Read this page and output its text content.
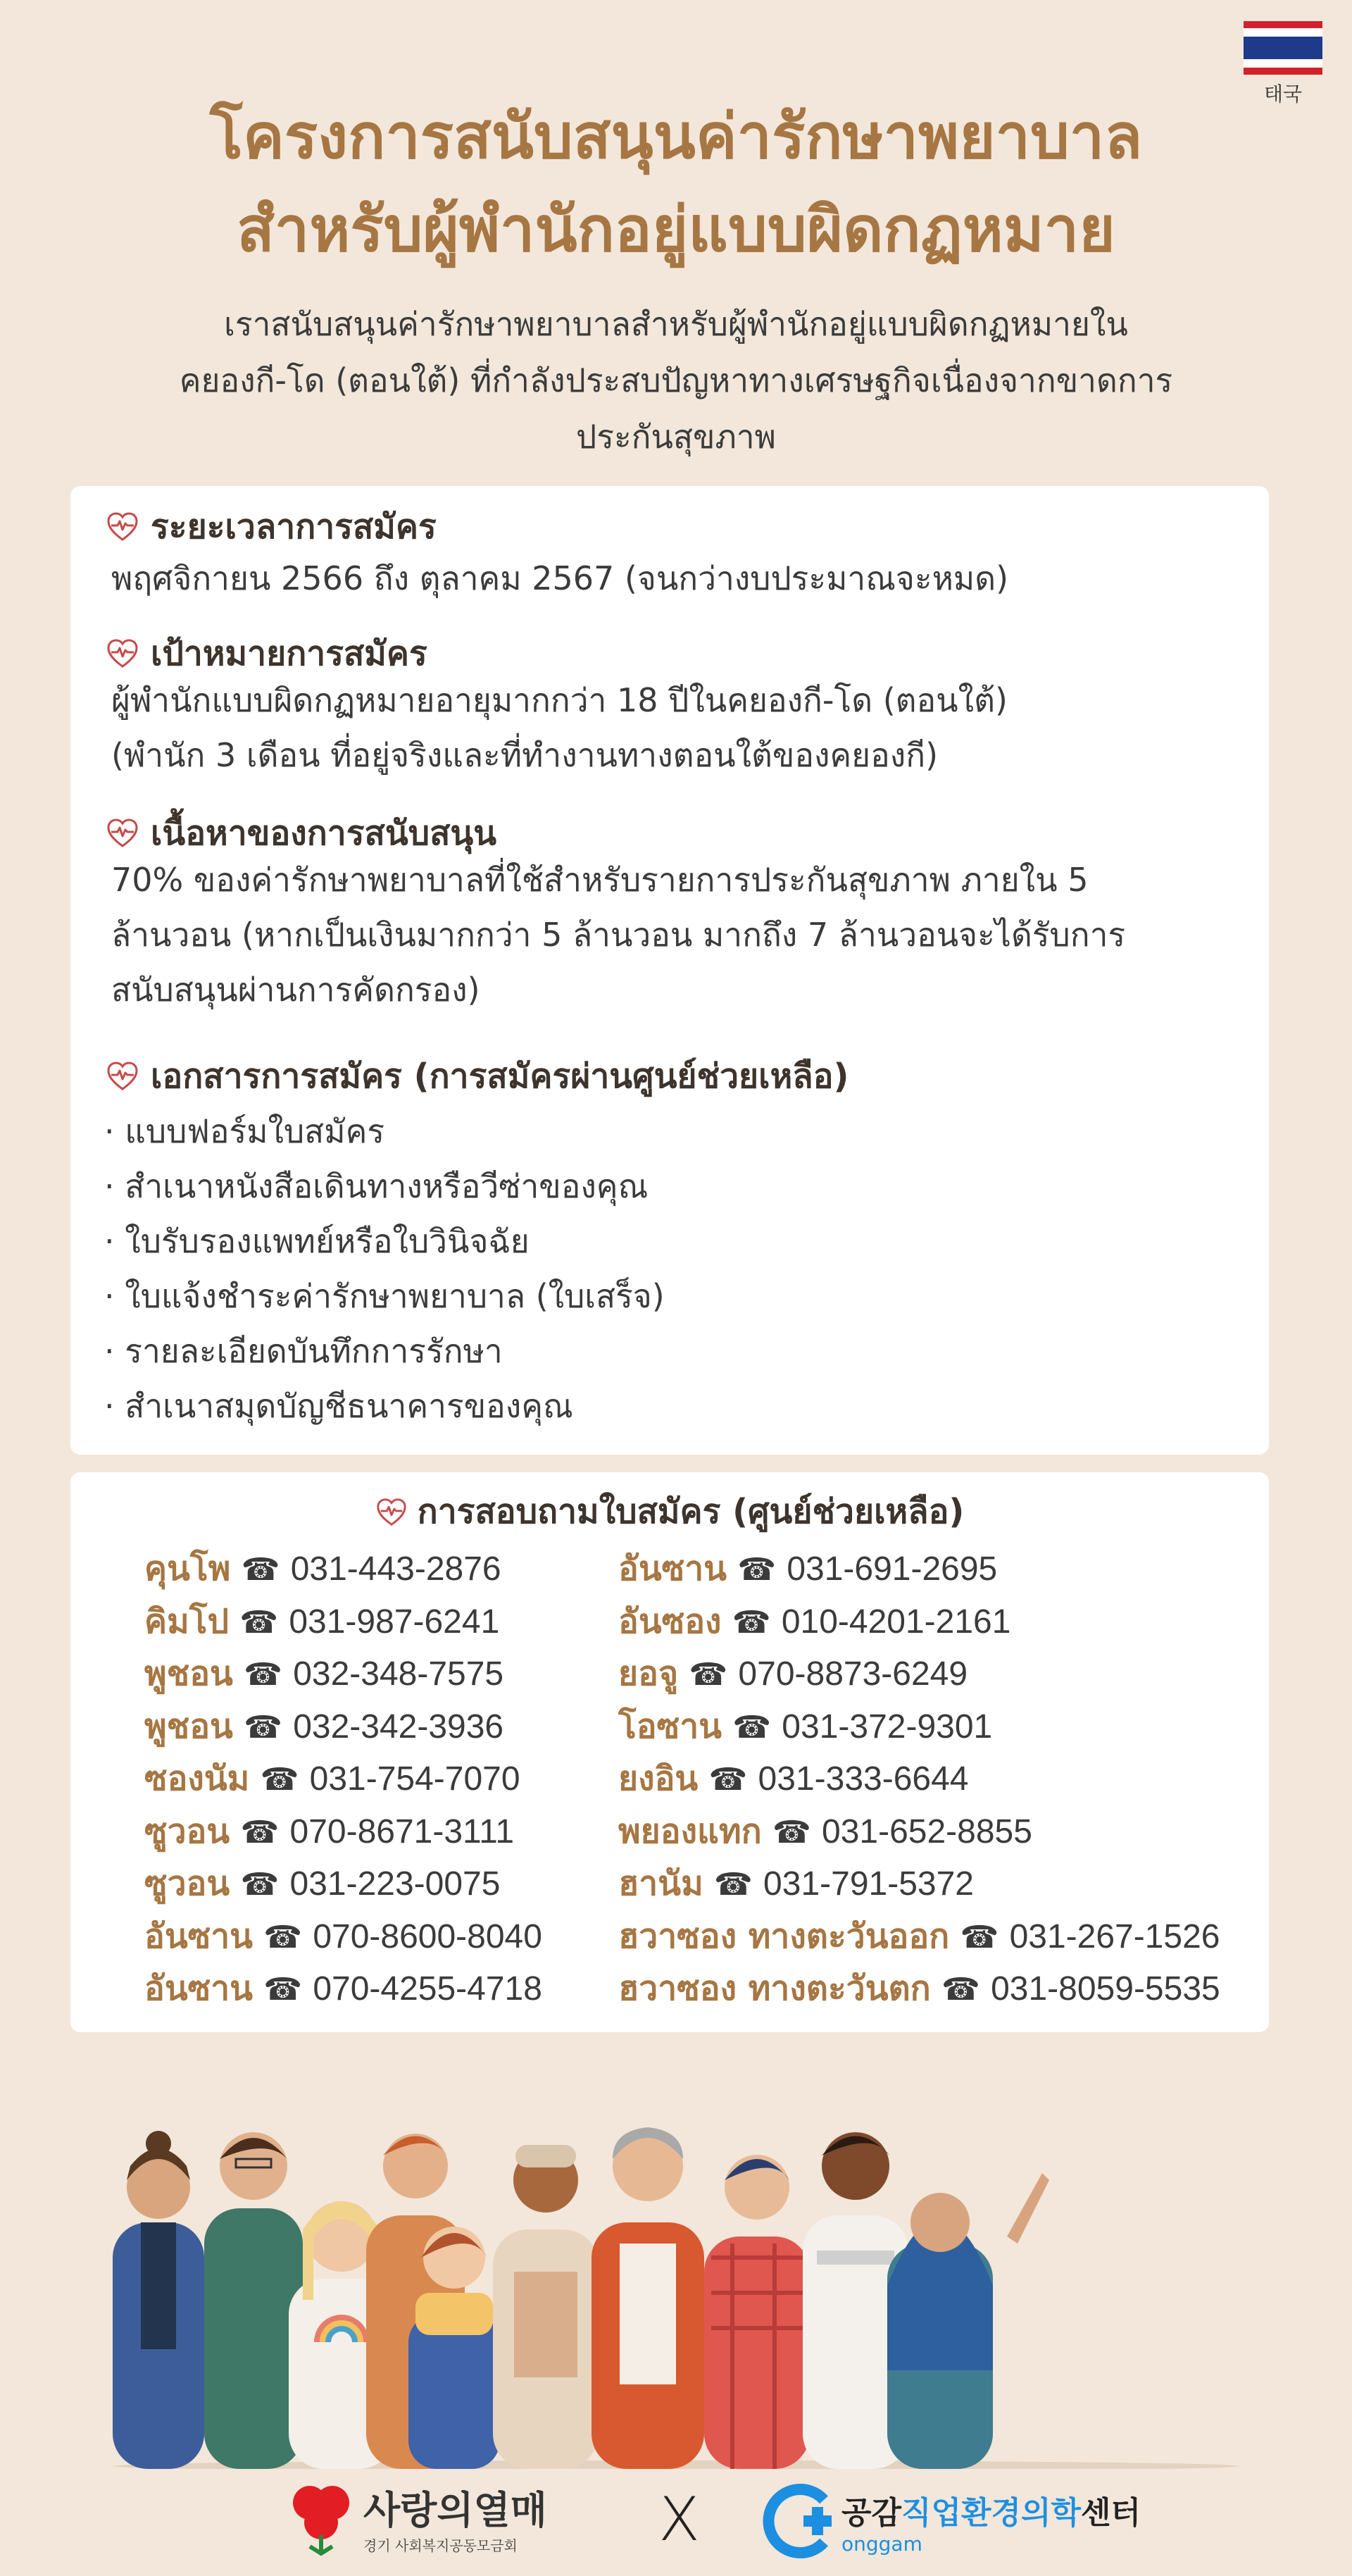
태국
โครงการสนับสนุนค่ารักษาพยาบาล
สำหรับผู้พำนักอยู่แบบผิดกฏหมาย
เราสนับสนุนค่ารักษาพยาบาลสำหรับผู้พำนักอยู่แบบผิดกฏหมายใน
คยองกี-โด (ตอนใต้) ที่กำลังประสบปัญหาทางเศรษฐกิจเนื่องจากขาดการ
ประกันสุขภาพ
ระยะเวลาการสมัคร
พฤศจิกายน 2566 ถึง ตุลาคม 2567 (จนกว่างบประมาณจะหมด)
เป้าหมายการสมัคร
ผู้พำนักแบบผิดกฏหมายอายุมากกว่า 18 ปีในคยองกี-โด (ตอนใต้)
(พำนัก 3 เดือน ที่อยู่จริงและที่ทำงานทางตอนใต้ของคยองกี)
เนื้อหาของการสนับสนุน
70% ของค่ารักษาพยาบาลที่ใช้สำหรับรายการประกันสุขภาพ ภายใน 5
ล้านวอน (หากเป็นเงินมากกว่า 5 ล้านวอน มากถึง 7 ล้านวอนจะได้รับการ
สนับสนุนผ่านการคัดกรอง)
เอกสารการสมัคร (การสมัครผ่านศูนย์ช่วยเหลือ)
· แบบฟอร์มใบสมัคร
· สำเนาหนังสือเดินทางหรือวีซ่าของคุณ
· ใบรับรองแพทย์หรือใบวินิจฉัย
· ใบแจ้งชำระค่ารักษาพยาบาล (ใบเสร็จ)
· รายละเอียดบันทึกการรักษา
· สำเนาสมุดบัญชีธนาคารของคุณ
การสอบถามใบสมัคร (ศูนย์ช่วยเหลือ)
คุนโพ ☎ 031-443-2876
คิมโป ☎ 031-987-6241
พูชอน ☎ 032-348-7575
พูชอน ☎ 032-342-3936
ซองนัม ☎ 031-754-7070
ซูวอน ☎ 070-8671-3111
ซูวอน ☎ 031-223-0075
อันซาน ☎ 070-8600-8040
อันซาน ☎ 070-4255-4718
อันซาน ☎ 031-691-2695
อันซอง ☎ 010-4201-2161
ยอจู ☎ 070-8873-6249
โอซาน ☎ 031-372-9301
ยงอิน ☎ 031-333-6644
พยองแทก ☎ 031-652-8855
ฮานัม ☎ 031-791-5372
ฮวาซอง ทางตะวันออก ☎ 031-267-1526
ฮวาซอง ทางตะวันตก ☎ 031-8059-5535
사랑의열매
경기 사회복지공동모금회	X	공감직업환경의학센터
onggam
